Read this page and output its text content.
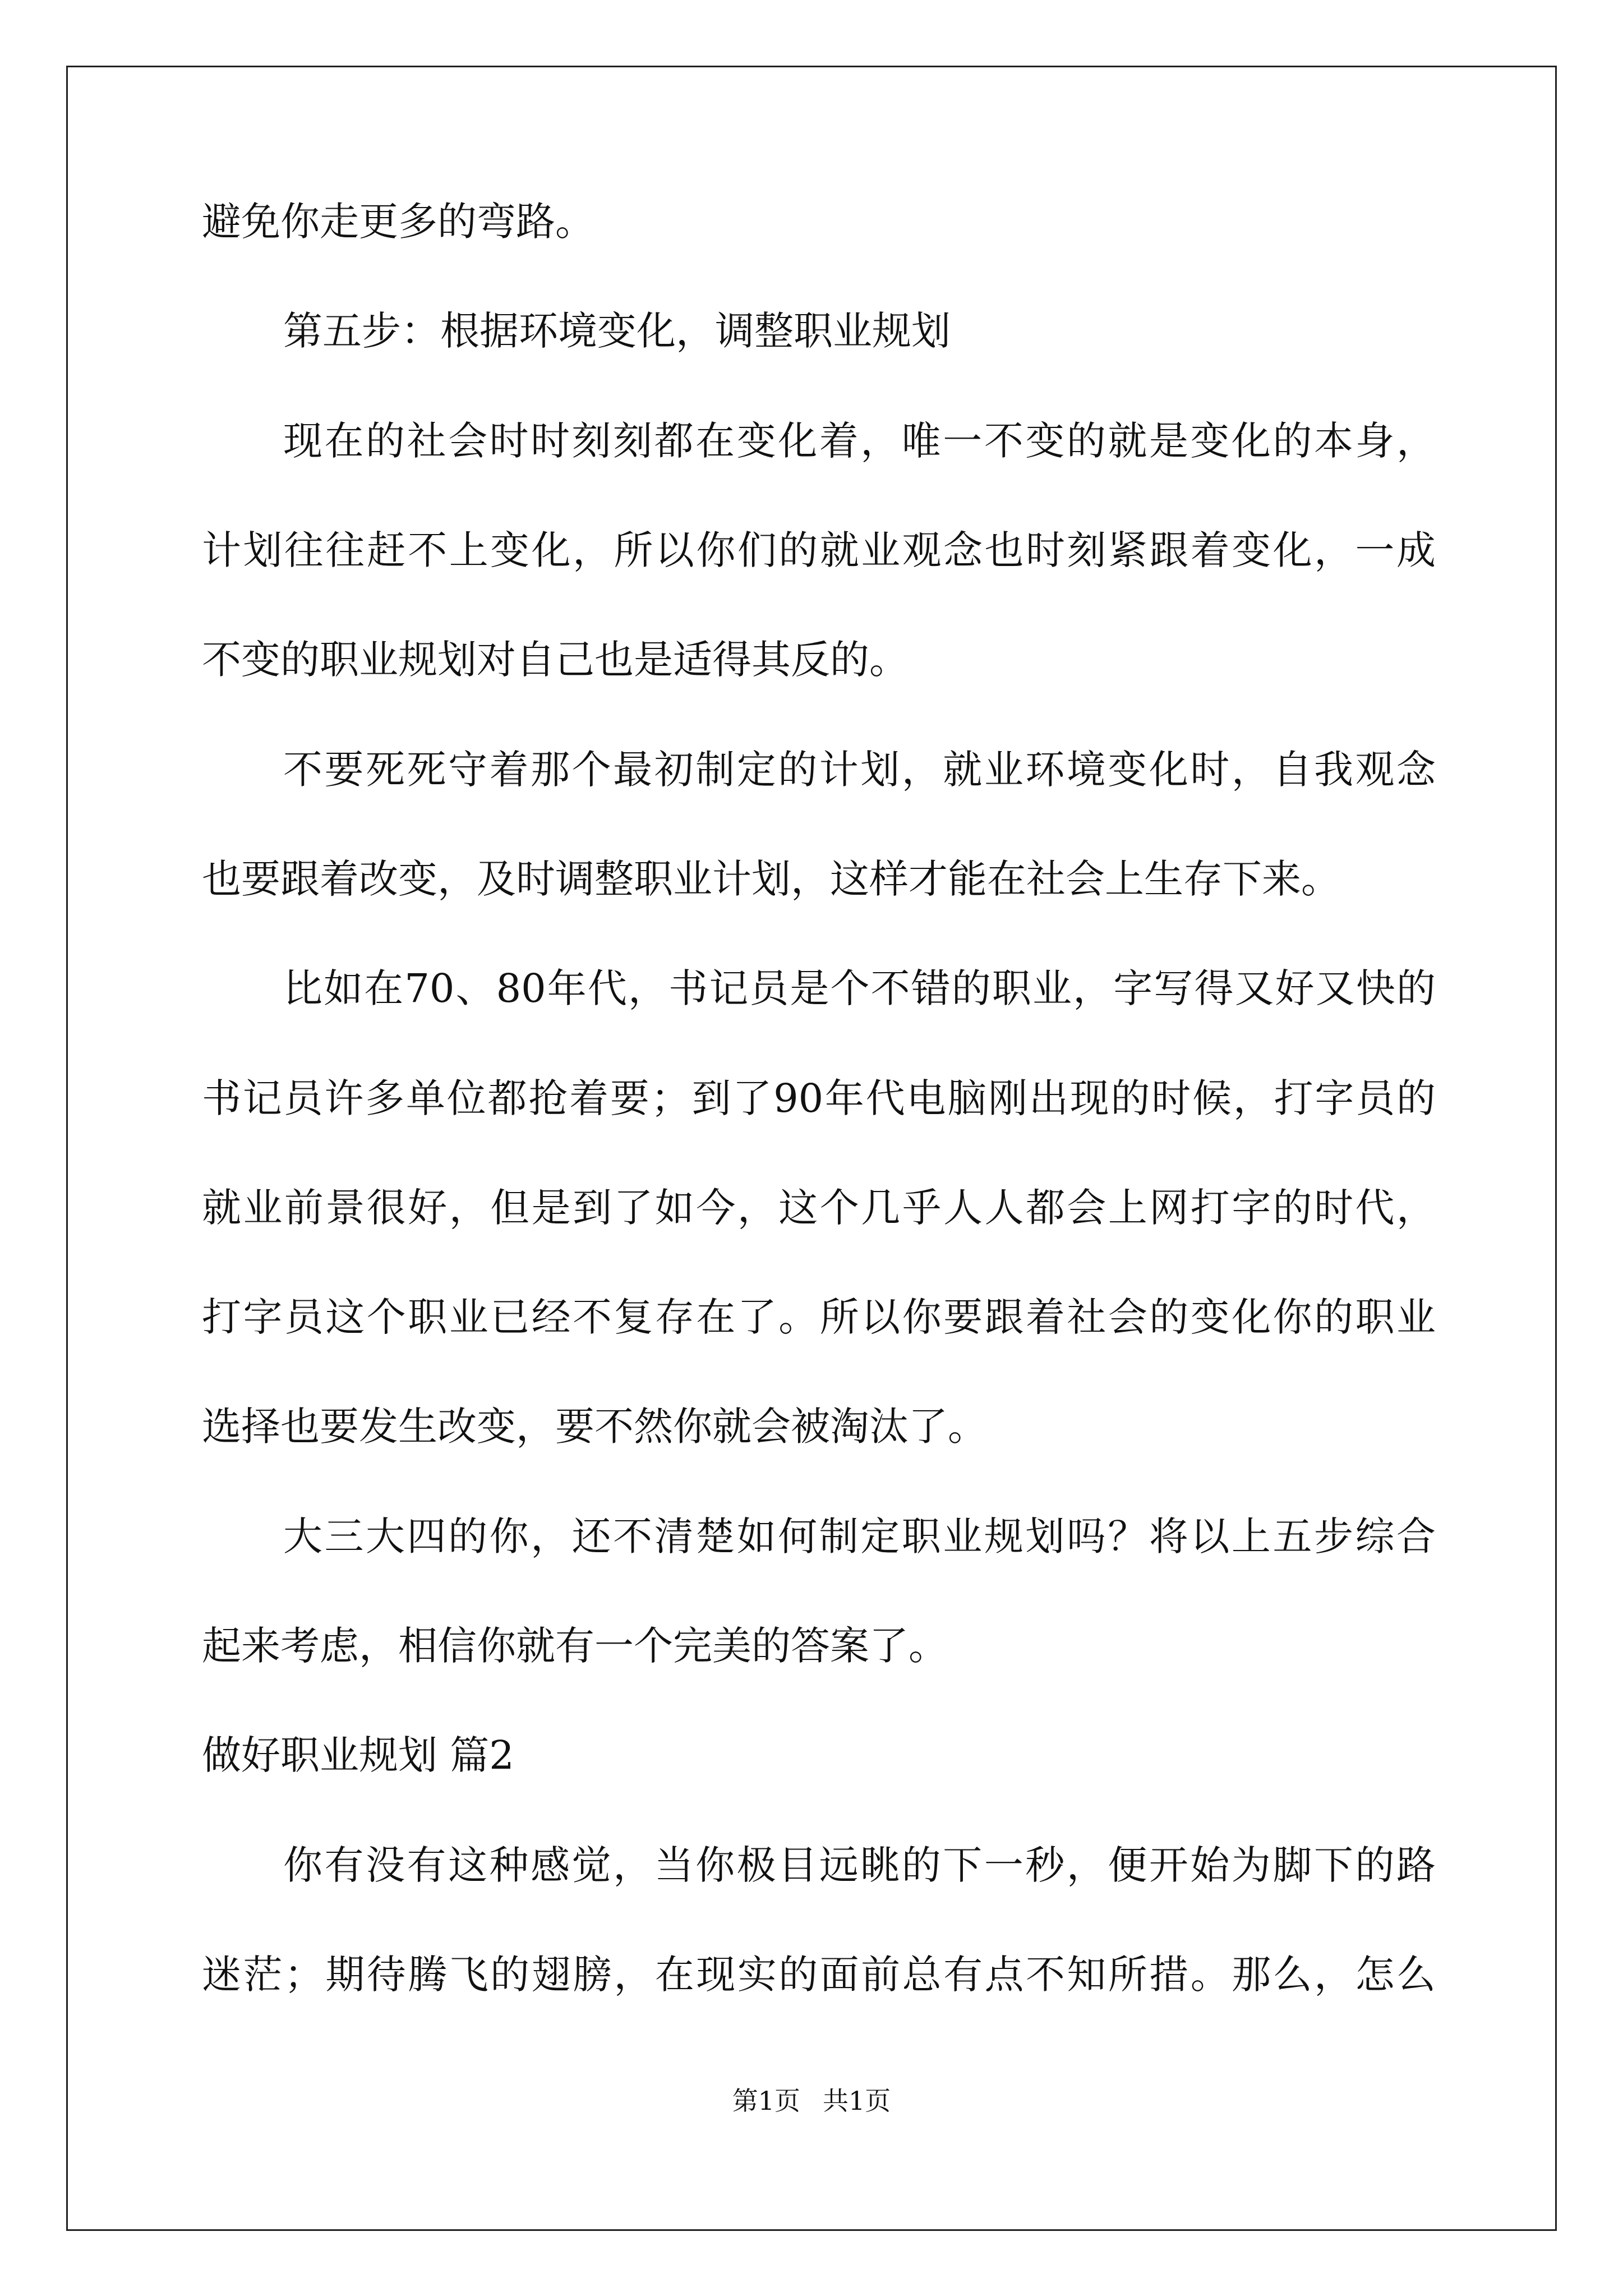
避免你走更多的弯路。
第五步：根据环境变化，调整职业规划
现在的社会时时刻刻都在变化着，唯一不变的就是变化的本身，
计划往往赶不上变化，所以你们的就业观念也时刻紧跟着变化，一成
不变的职业规划对自己也是适得其反的。
不要死死守着那个最初制定的计划，就业环境变化时，自我观念
也要跟着改变，及时调整职业计划，这样才能在社会上生存下来。
比如在70、80年代，书记员是个不错的职业，字写得又好又快的
书记员许多单位都抢着要；到了90年代电脑刚出现的时候，打字员的
就业前景很好，但是到了如今，这个几乎人人都会上网打字的时代，
打字员这个职业已经不复存在了。所以你要跟着社会的变化你的职业
选择也要发生改变，要不然你就会被淘汰了。
大三大四的你，还不清楚如何制定职业规划吗？将以上五步综合
起来考虑，相信你就有一个完美的答案了。
做好职业规划 篇2
你有没有这种感觉，当你极目远眺的下一秒，便开始为脚下的路
迷茫；期待腾飞的翅膀，在现实的面前总有点不知所措。那么，怎么
第1页 共1页
